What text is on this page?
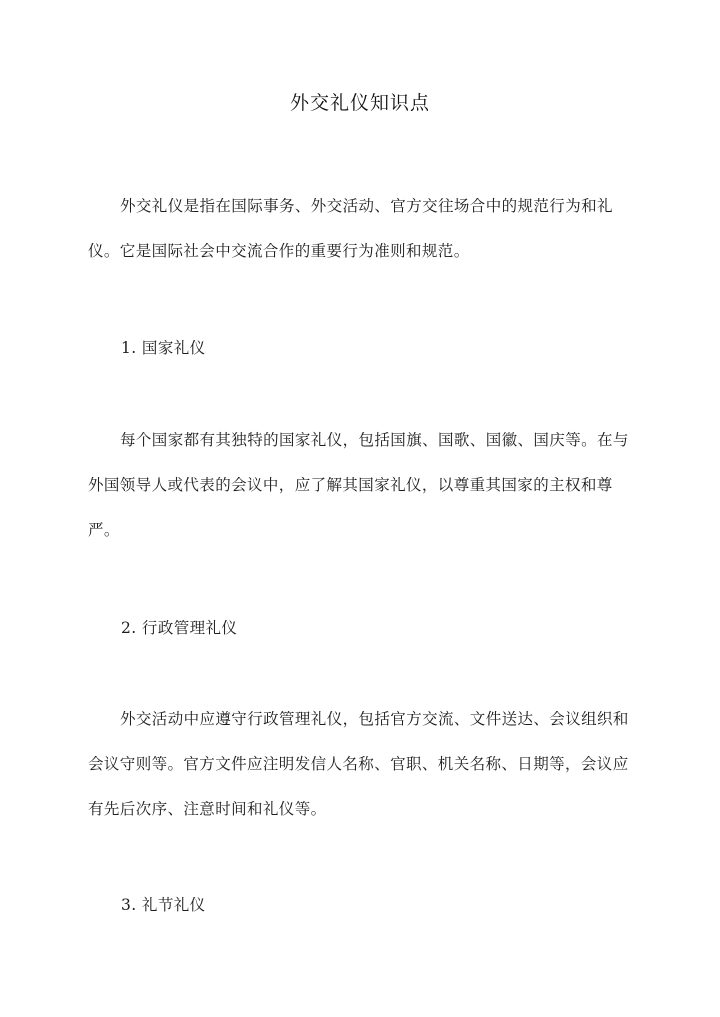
外交礼仪知识点
外交礼仪是指在国际事务、外交活动、官方交往场合中的规范行为和礼仪。它是国际社会中交流合作的重要行为准则和规范。
1. 国家礼仪
每个国家都有其独特的国家礼仪，包括国旗、国歌、国徽、国庆等。在与外国领导人或代表的会议中，应了解其国家礼仪，以尊重其国家的主权和尊严。
2. 行政管理礼仪
外交活动中应遵守行政管理礼仪，包括官方交流、文件送达、会议组织和会议守则等。官方文件应注明发信人名称、官职、机关名称、日期等，会议应有先后次序、注意时间和礼仪等。
3. 礼节礼仪
